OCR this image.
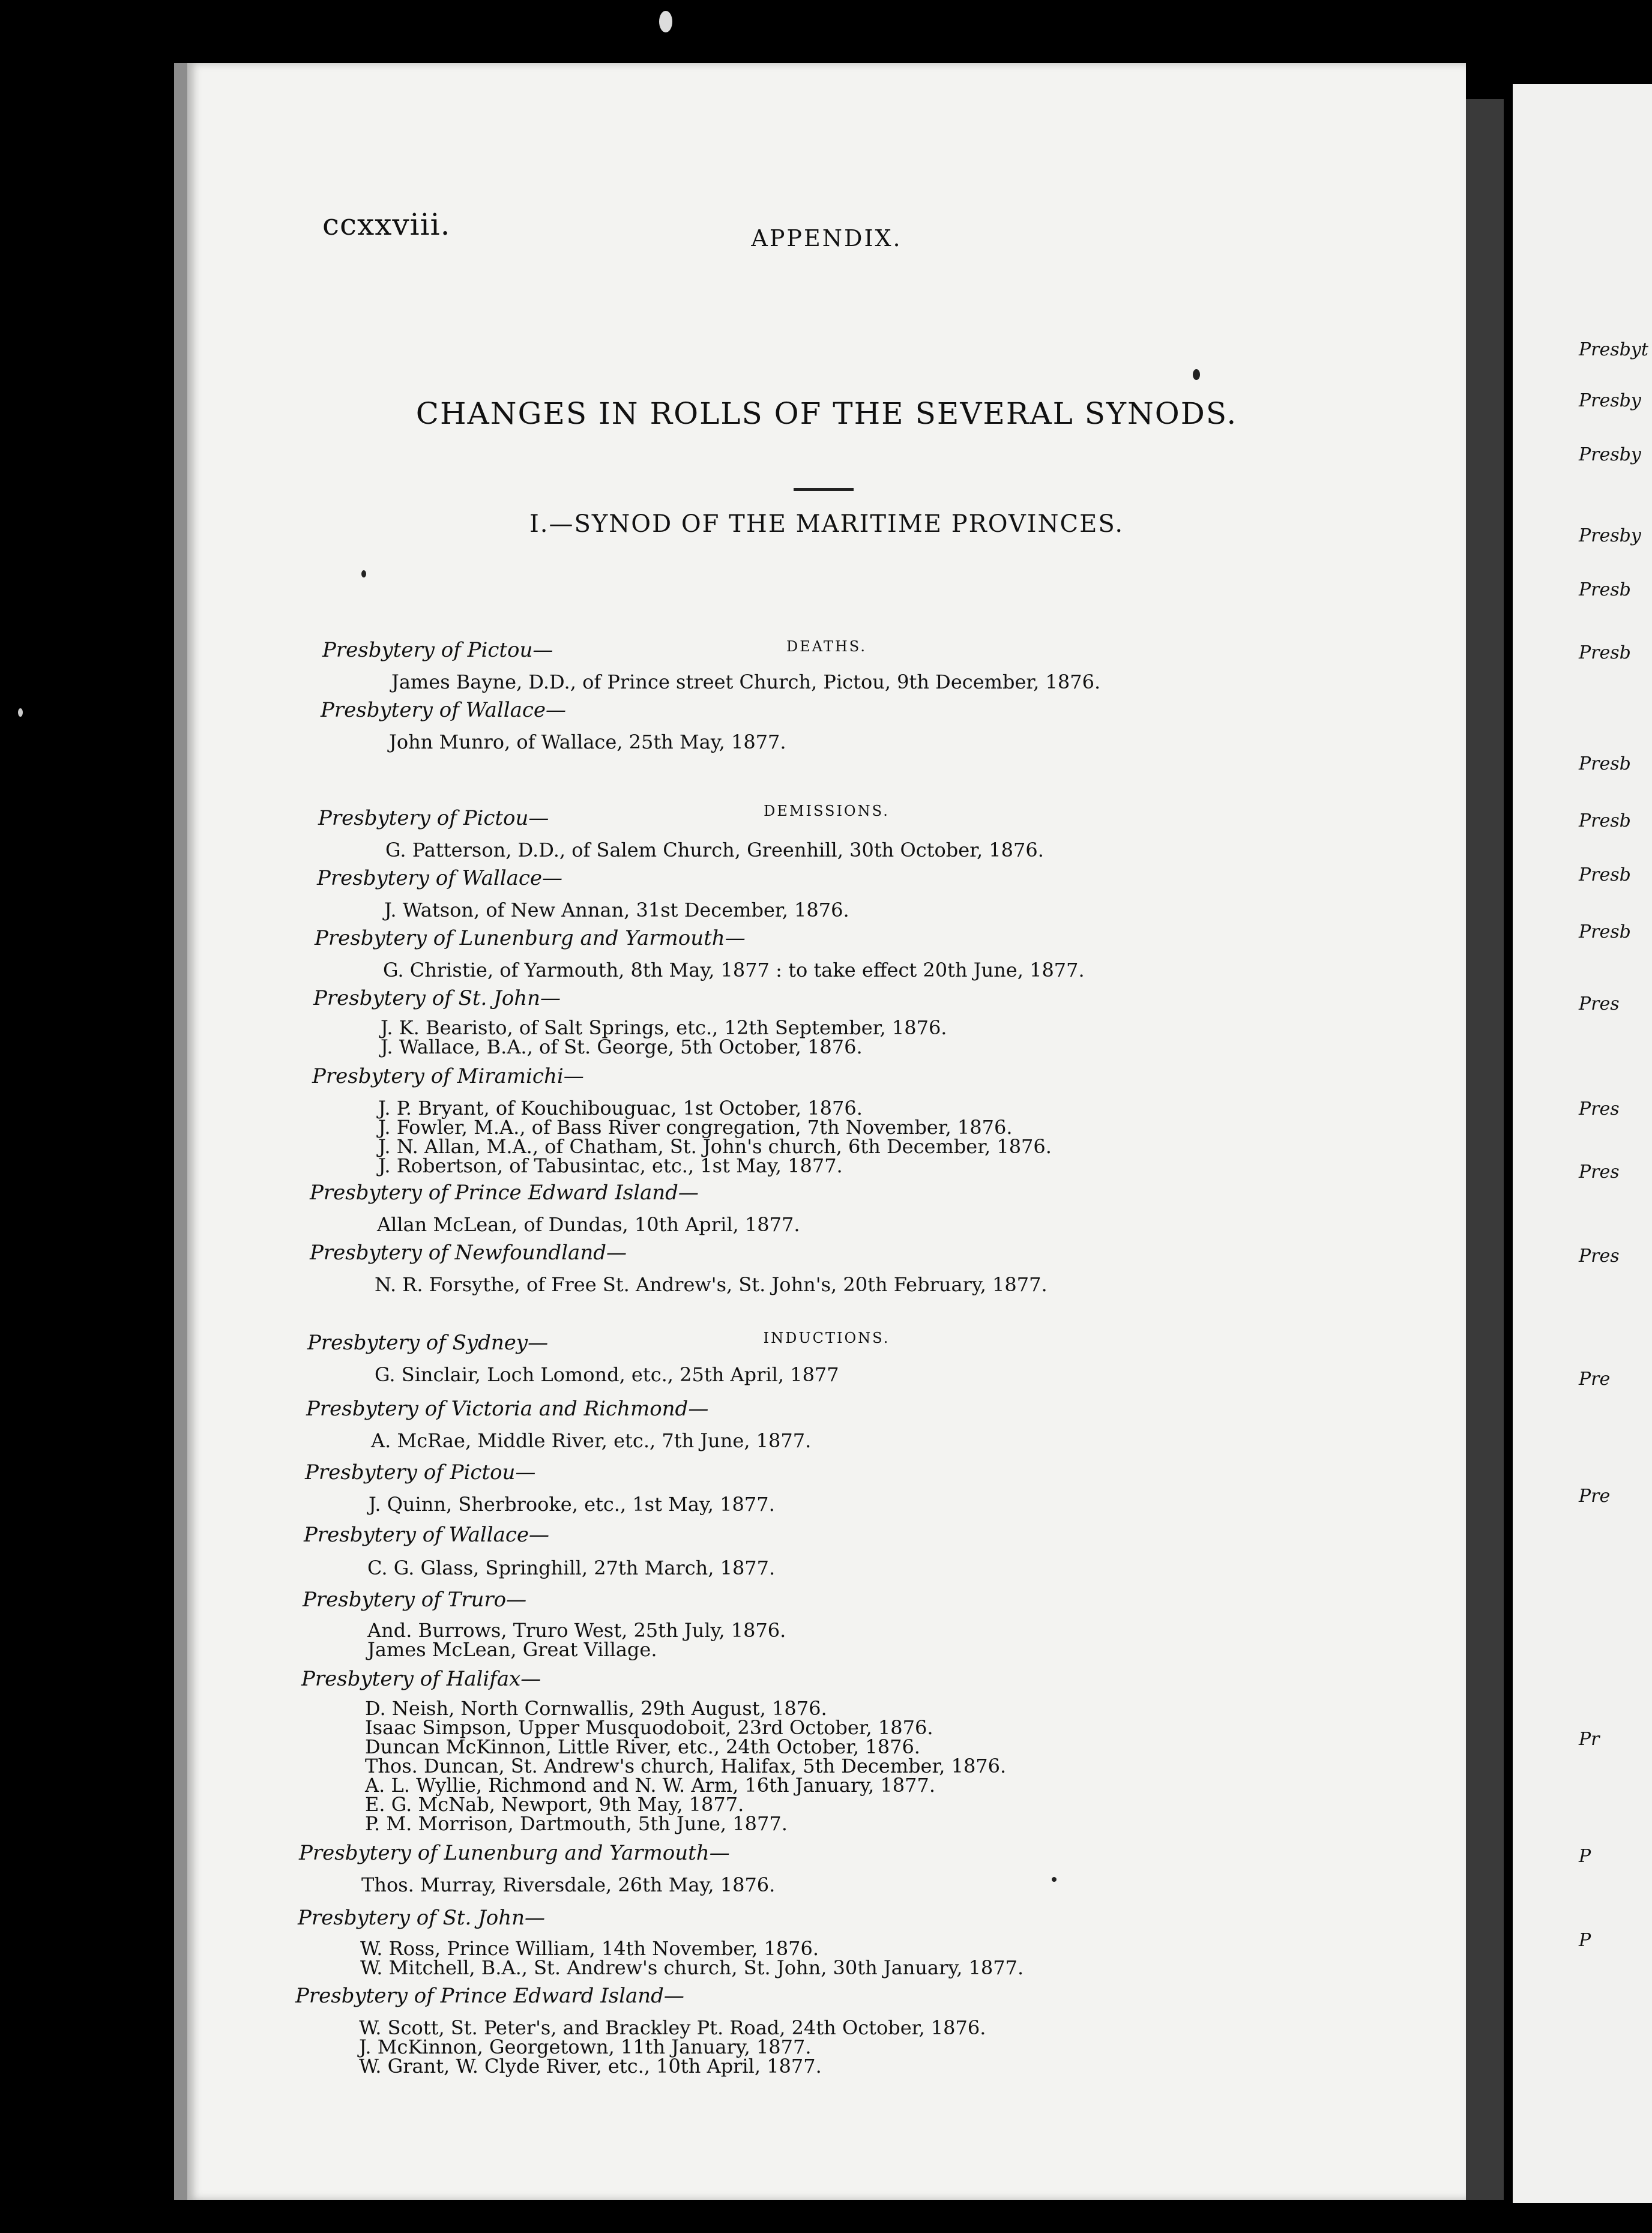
ccxxviii.	APPENDIX.
CHANGES IN ROLLS OF THE SEVERAL SYNODS.
I.—SYNOD OF THE MARITIME PROVINCES.
DEATHS.
Presbytery of Pictou—
James Bayne, D.D., of Prince street Church, Pictou, 9th December, 1876.
Presbytery of Wallace—
John Munro, of Wallace, 25th May, 1877.
DEMISSIONS.
Presbytery of Pictou—
G. Patterson, D.D., of Salem Church, Greenhill, 30th October, 1876.
Presbytery of Wallace—
J. Watson, of New Annan, 31st December, 1876.
Presbytery of Lunenburg and Yarmouth—
G. Christie, of Yarmouth, 8th May, 1877 : to take effect 20th June, 1877.
Presbytery of St. John—
J. K. Bearisto, of Salt Springs, etc., 12th September, 1876.
J. Wallace, B.A., of St. George, 5th October, 1876.
Presbytery of Miramichi—
J. P. Bryant, of Kouchibouguac, 1st October, 1876.
J. Fowler, M.A., of Bass River congregation, 7th November, 1876.
J. N. Allan, M.A., of Chatham, St. John's church, 6th December, 1876.
J. Robertson, of Tabusintac, etc., 1st May, 1877.
Presbytery of Prince Edward Island—
Allan McLean, of Dundas, 10th April, 1877.
Presbytery of Newfoundland—
N. R. Forsythe, of Free St. Andrew's, St. John's, 20th February, 1877.
INDUCTIONS.
Presbytery of Sydney—
G. Sinclair, Loch Lomond, etc., 25th April, 1877
Presbytery of Victoria and Richmond—
A. McRae, Middle River, etc., 7th June, 1877.
Presbytery of Pictou—
J. Quinn, Sherbrooke, etc., 1st May, 1877.
Presbytery of Wallace—
C. G. Glass, Springhill, 27th March, 1877.
Presbytery of Truro—
And. Burrows, Truro West, 25th July, 1876.
James McLean, Great Village.
Presbytery of Halifax—
D. Neish, North Cornwallis, 29th August, 1876.
Isaac Simpson, Upper Musquodoboit, 23rd October, 1876.
Duncan McKinnon, Little River, etc., 24th October, 1876.
Thos. Duncan, St. Andrew's church, Halifax, 5th December, 1876.
A. L. Wyllie, Richmond and N. W. Arm, 16th January, 1877.
E. G. McNab, Newport, 9th May, 1877.
P. M. Morrison, Dartmouth, 5th June, 1877.
Presbytery of Lunenburg and Yarmouth—
Thos. Murray, Riversdale, 26th May, 1876.
Presbytery of St. John—
W. Ross, Prince William, 14th November, 1876.
W. Mitchell, B.A., St. Andrew's church, St. John, 30th January, 1877.
Presbytery of Prince Edward Island—
W. Scott, St. Peter's, and Brackley Pt. Road, 24th October, 1876.
J. McKinnon, Georgetown, 11th January, 1877.
W. Grant, W. Clyde River, etc., 10th April, 1877.
Presbyt
Presby
Presby
Presby
Presb
Presb
Presb
Presb
Presb
Presb
Pres
Pres
Pres
Pres
Pre
Pre
Pr
P
P
